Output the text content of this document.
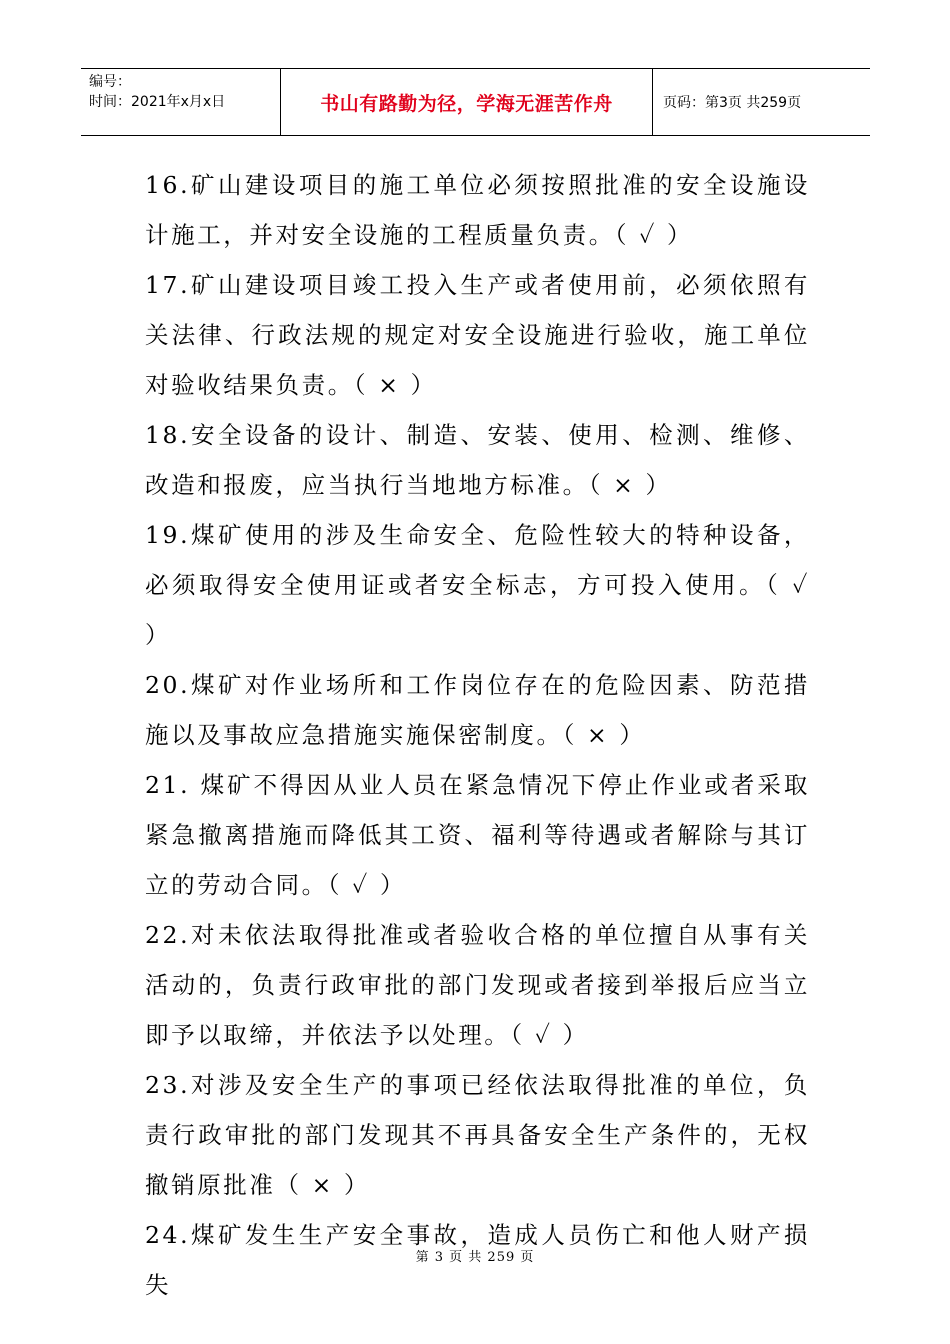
编号：
时间：2021年x月x日	书山有路勤为径，学海无涯苦作舟	页码：第3页 共259页

16.矿山建设项目的施工单位必须按照批准的安全设施设计施工，并对安全设施的工程质量负责。（ ✓ ）

17.矿山建设项目竣工投入生产或者使用前，必须依照有关法律、行政法规的规定对安全设施进行验收，施工单位对验收结果负责。（ × ）

18.安全设备的设计、制造、安装、使用、检测、维修、改造和报废，应当执行当地地方标准。（ × ）

19.煤矿使用的涉及生命安全、危险性较大的特种设备，必须取得安全使用证或者安全标志，方可投入使用。（ ✓ ）

20.煤矿对作业场所和工作岗位存在的危险因素、防范措施以及事故应急措施实施保密制度。（ × ）

21. 煤矿不得因从业人员在紧急情况下停止作业或者采取紧急撤离措施而降低其工资、福利等待遇或者解除与其订立的劳动合同。（ ✓ ）

22.对未依法取得批准或者验收合格的单位擅自从事有关活动的，负责行政审批的部门发现或者接到举报后应当立即予以取缔，并依法予以处理。（ ✓ ）

23.对涉及安全生产的事项已经依法取得批准的单位，负责行政审批的部门发现其不再具备安全生产条件的，无权撤销原批准（ × ）

24.煤矿发生生产安全事故，造成人员伤亡和他人财产损失

第 3 页 共 259 页
